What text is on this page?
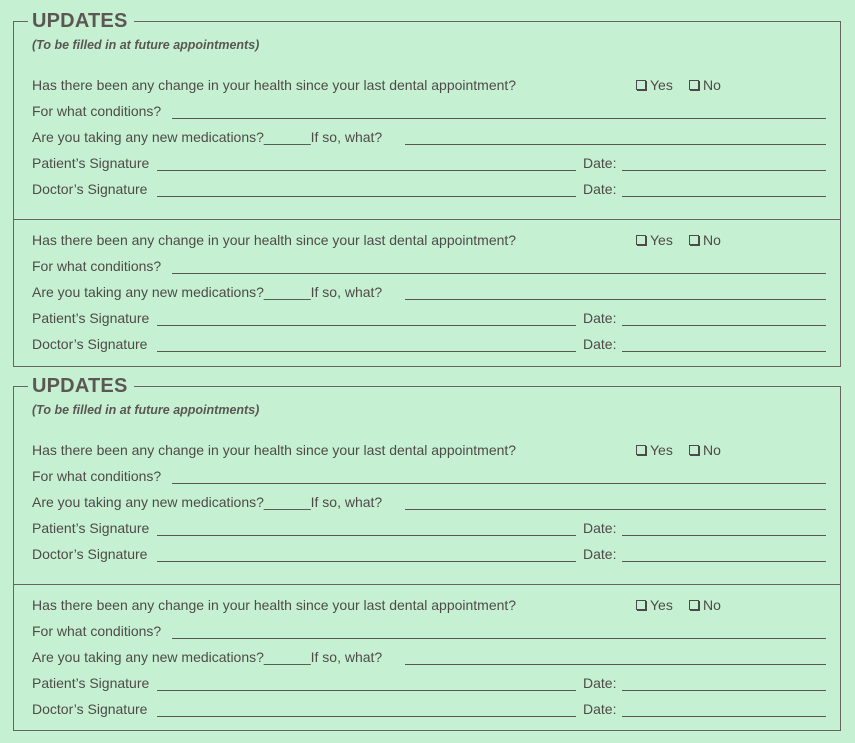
UPDATES
(To be filled in at future appointments)
Has there been any change in your health since your last dental appointment?	Yes	No
For what conditions?
Are you taking any new medications?______If so, what?
Patient’s Signature	Date:
Doctor’s Signature	Date:
Has there been any change in your health since your last dental appointment?	Yes	No
For what conditions?
Are you taking any new medications?______If so, what?
Patient’s Signature	Date:
Doctor’s Signature	Date:
UPDATES
(To be filled in at future appointments)
Has there been any change in your health since your last dental appointment?	Yes	No
For what conditions?
Are you taking any new medications?______If so, what?
Patient’s Signature	Date:
Doctor’s Signature	Date:
Has there been any change in your health since your last dental appointment?	Yes	No
For what conditions?
Are you taking any new medications?______If so, what?
Patient’s Signature	Date:
Doctor’s Signature	Date:
